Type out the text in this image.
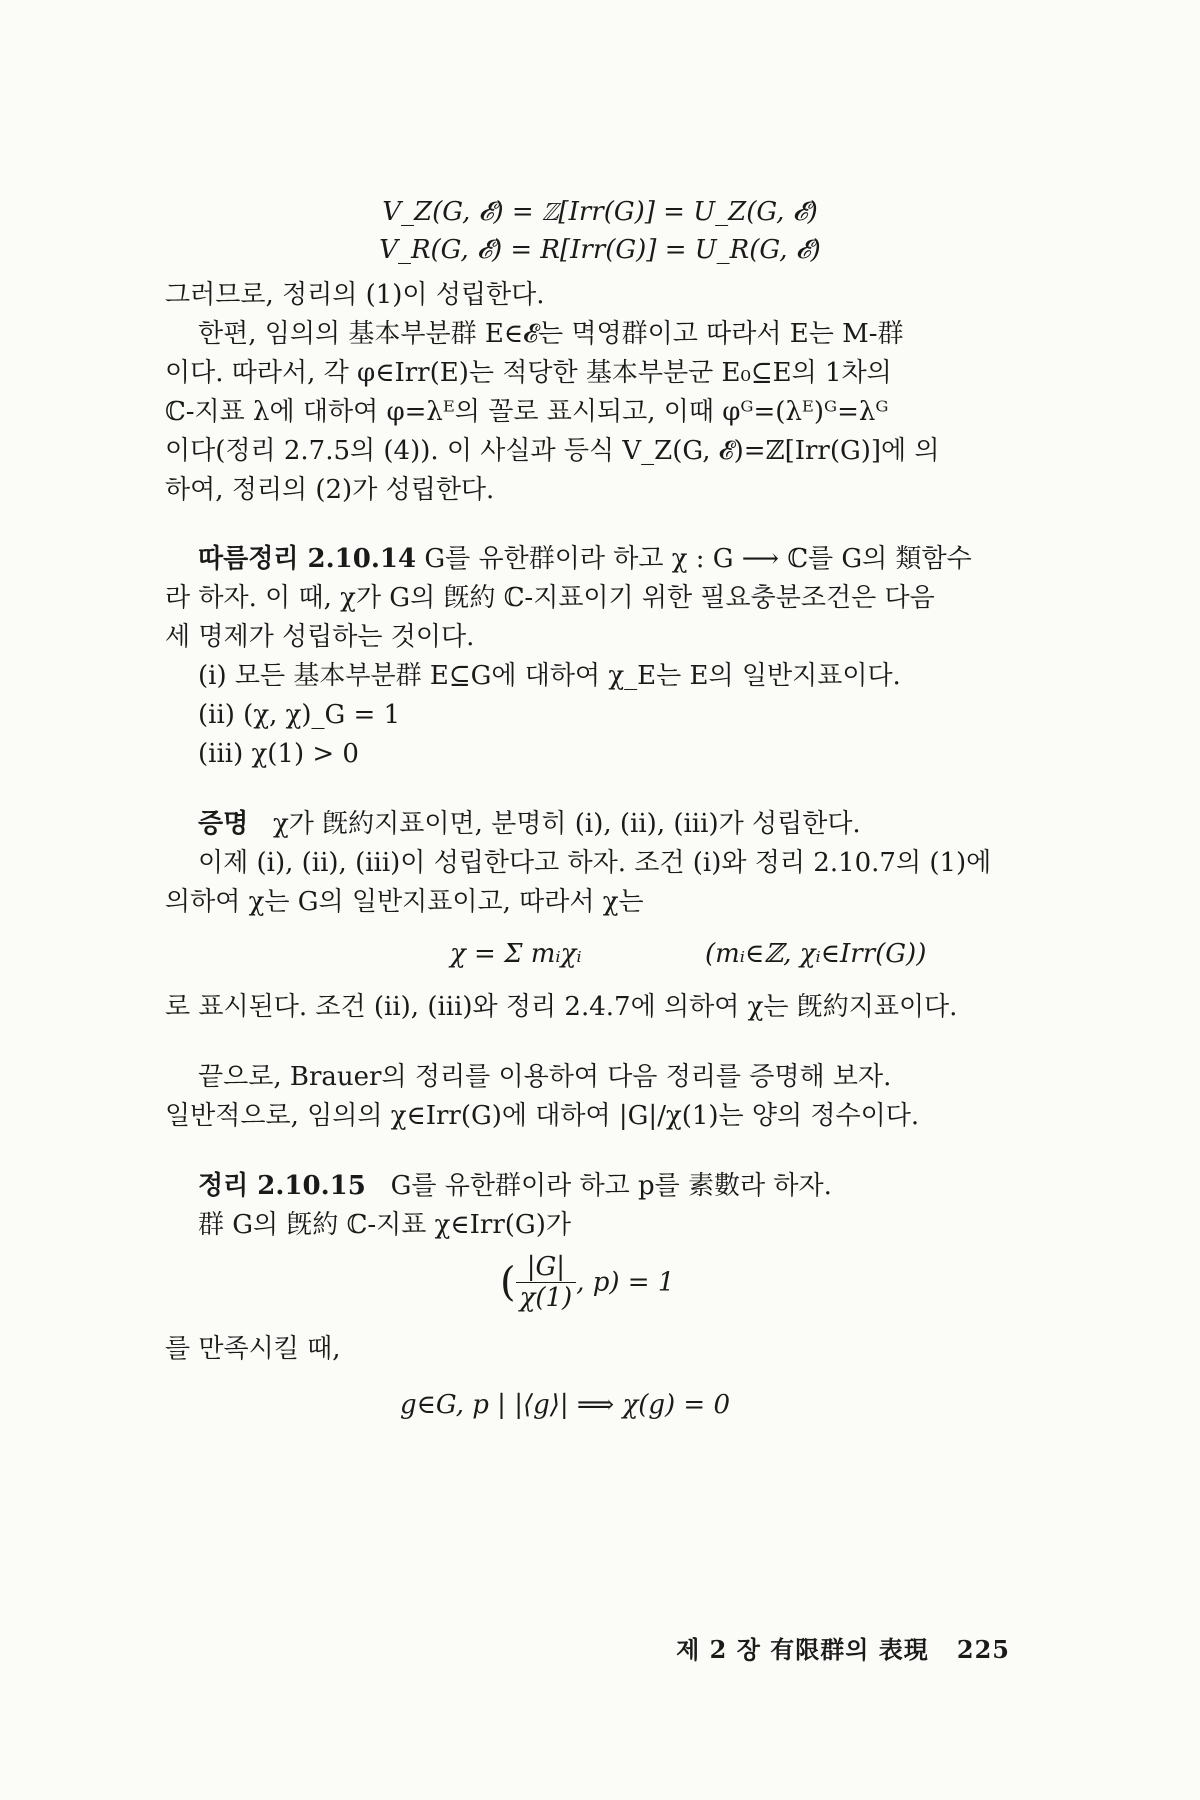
V_Z(G, 𝓔) = ℤ[Irr(G)] = U_Z(G, 𝓔)
V_R(G, 𝓔) = R[Irr(G)] = U_R(G, 𝓔)
그러므로, 정리의 (1)이 성립한다.
한편, 임의의 基本부분群 E∈𝓔는 멱영群이고 따라서 E는 M-群
이다. 따라서, 각 φ∈Irr(E)는 적당한 基本부분군 E₀⊆E의 1차의
ℂ-지표 λ에 대하여 φ=λᴱ의 꼴로 표시되고, 이때 φᴳ=(λᴱ)ᴳ=λᴳ
이다(정리 2.7.5의 (4)). 이 사실과 등식 V_Z(G, 𝓔)=ℤ[Irr(G)]에 의
하여, 정리의 (2)가 성립한다.
따름정리 2.10.14 G를 유한群이라 하고 χ : G ⟶ ℂ를 G의 類함수
라 하자. 이 때, χ가 G의 旣約 ℂ-지표이기 위한 필요충분조건은 다음
세 명제가 성립하는 것이다.
(i) 모든 基本부분群 E⊆G에 대하여 χ_E는 E의 일반지표이다.
(ii) (χ, χ)_G = 1
(iii) χ(1) > 0
증명 χ가 旣約지표이면, 분명히 (i), (ii), (iii)가 성립한다.
이제 (i), (ii), (iii)이 성립한다고 하자. 조건 (i)와 정리 2.10.7의 (1)에
의하여 χ는 G의 일반지표이고, 따라서 χ는
χ = Σ mᵢχᵢ	(mᵢ∈ℤ, χᵢ∈Irr(G))
로 표시된다. 조건 (ii), (iii)와 정리 2.4.7에 의하여 χ는 旣約지표이다.
끝으로, Brauer의 정리를 이용하여 다음 정리를 증명해 보자.
일반적으로, 임의의 χ∈Irr(G)에 대하여 |G|/χ(1)는 양의 정수이다.
정리 2.10.15 G를 유한群이라 하고 p를 素數라 하자.
群 G의 旣約 ℂ-지표 χ∈Irr(G)가
( $\frac{|G|}{\chi(1)}$ , p) = 1
를 만족시킬 때,
g∈G, p | |⟨g⟩| ⟹ χ(g) = 0
제 2 장 有限群의 表現 225
